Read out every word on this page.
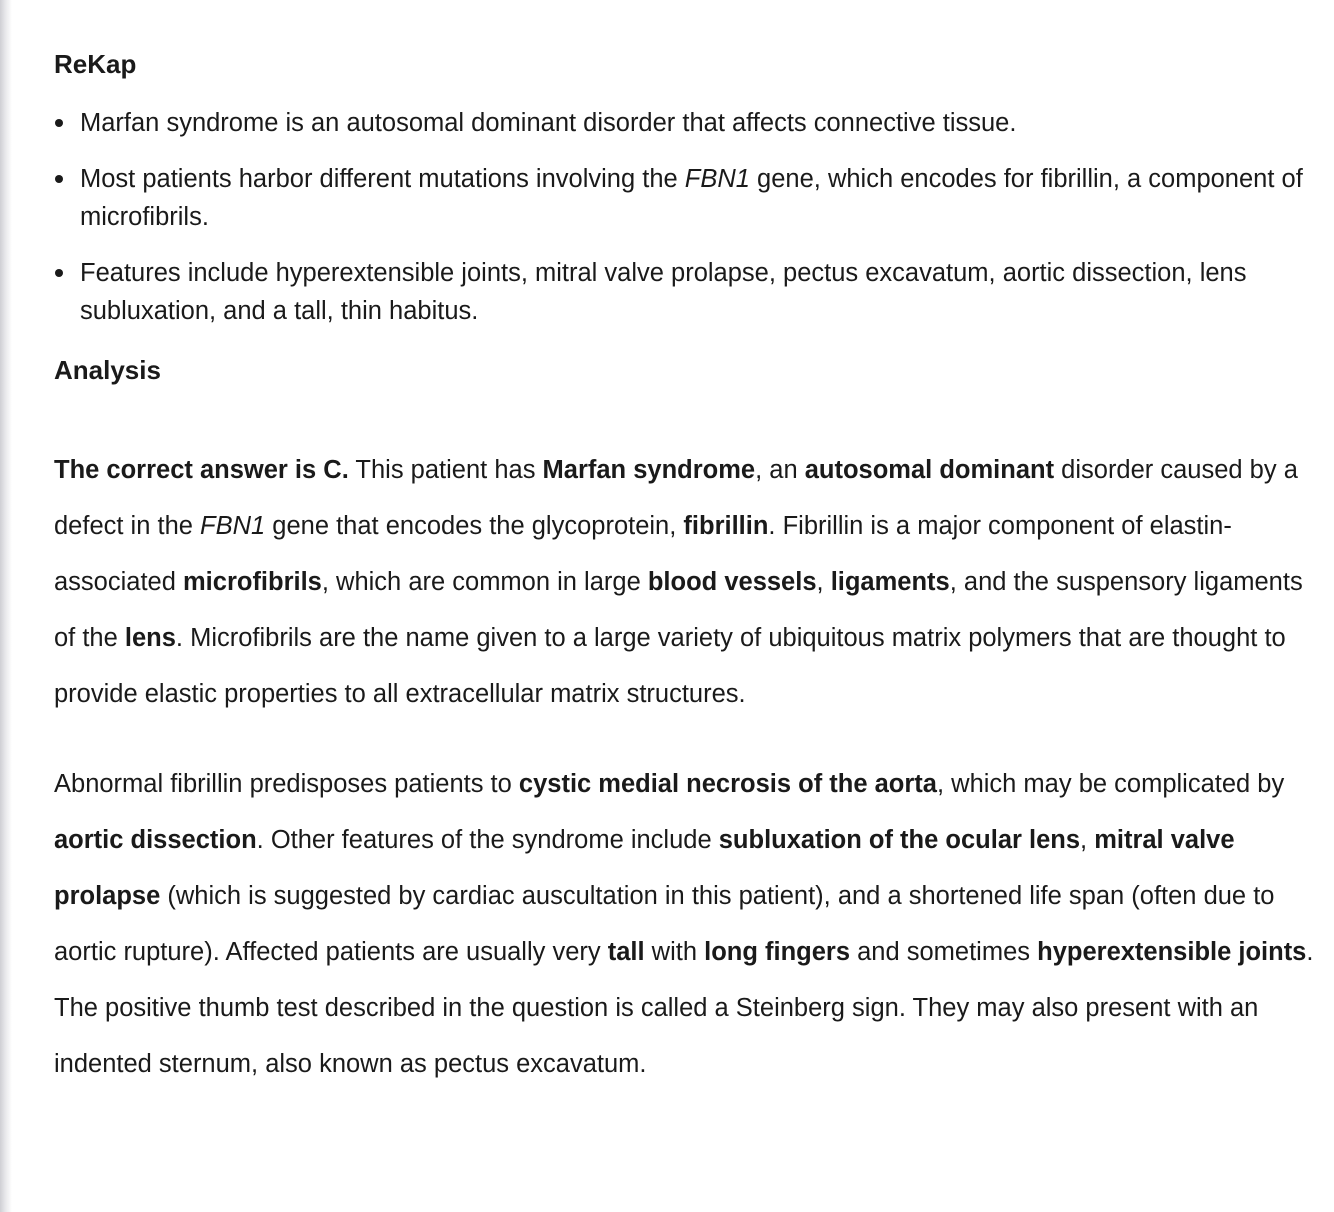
ReKap
Marfan syndrome is an autosomal dominant disorder that affects connective tissue.
Most patients harbor different mutations involving the FBN1 gene, which encodes for fibrillin, a component of microfibrils.
Features include hyperextensible joints, mitral valve prolapse, pectus excavatum, aortic dissection, lens subluxation, and a tall, thin habitus.
Analysis

The correct answer is C. This patient has Marfan syndrome, an autosomal dominant disorder caused by a defect in the FBN1 gene that encodes the glycoprotein, fibrillin. Fibrillin is a major component of elastin-associated microfibrils, which are common in large blood vessels, ligaments, and the suspensory ligaments of the lens. Microfibrils are the name given to a large variety of ubiquitous matrix polymers that are thought to provide elastic properties to all extracellular matrix structures.

Abnormal fibrillin predisposes patients to cystic medial necrosis of the aorta, which may be complicated by aortic dissection. Other features of the syndrome include subluxation of the ocular lens, mitral valve prolapse (which is suggested by cardiac auscultation in this patient), and a shortened life span (often due to aortic rupture). Affected patients are usually very tall with long fingers and sometimes hyperextensible joints. The positive thumb test described in the question is called a Steinberg sign. They may also present with an indented sternum, also known as pectus excavatum.
